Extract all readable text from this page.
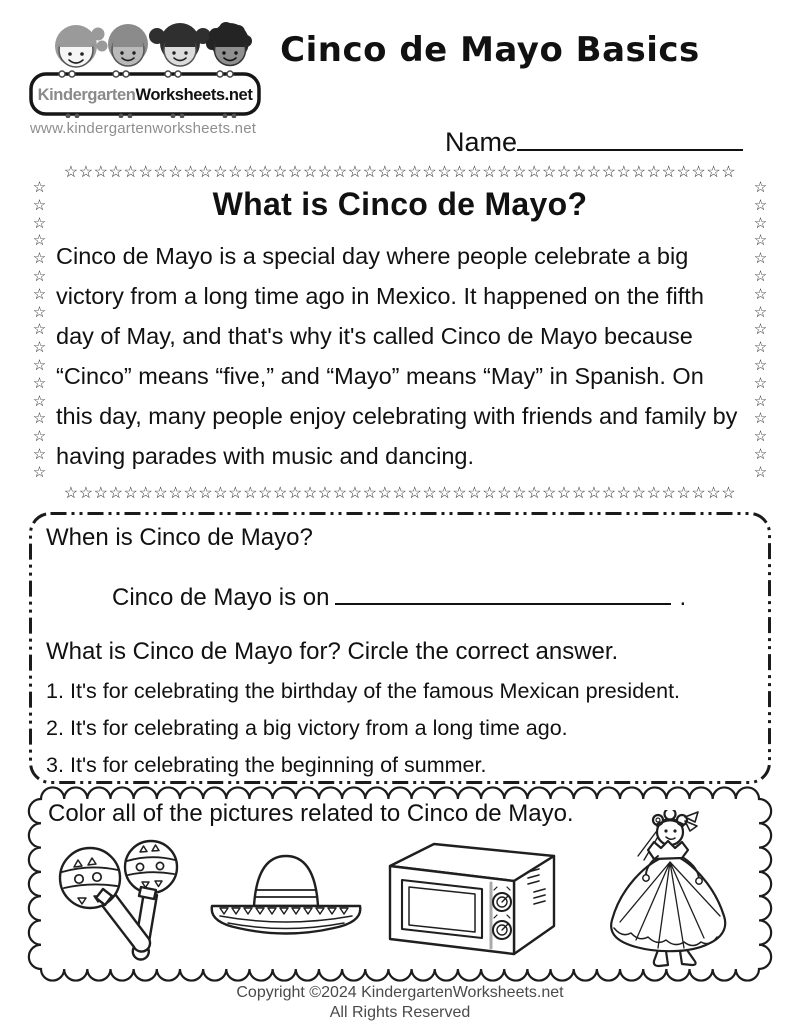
KindergartenWorksheets.net
www.kindergartenworksheets.net
Cinco de Mayo Basics
Name
☆☆☆☆☆☆☆☆☆☆☆☆☆☆☆☆☆☆☆☆☆☆☆☆☆☆☆☆☆☆☆☆☆☆☆☆☆☆☆☆☆☆☆☆☆
☆☆☆☆☆☆☆☆☆☆☆☆☆☆☆☆☆☆☆☆☆☆☆☆☆☆☆☆☆☆☆☆☆☆☆☆☆☆☆☆☆☆☆☆☆
☆☆☆☆☆☆☆☆☆☆☆☆☆☆☆☆☆
☆☆☆☆☆☆☆☆☆☆☆☆☆☆☆☆☆
What is Cinco de Mayo?

Cinco de Mayo is a special day where people celebrate a big victory from a long time ago in Mexico. It happened on the fifth day of May, and that's why it's called Cinco de Mayo because “Cinco” means “five,” and “Mayo” means “May” in Spanish. On this day, many people enjoy celebrating with friends and family by having parades with music and dancing.

When is Cinco de Mayo?
Cinco de Mayo is on	.
What is Cinco de Mayo for? Circle the correct answer.
1. It's for celebrating the birthday of the famous Mexican president.
2. It's for celebrating a big victory from a long time ago.
3. It's for celebrating the beginning of summer.
Color all of the pictures related to Cinco de Mayo.
Copyright ©2024 KindergartenWorksheets.net
All Rights Reserved
